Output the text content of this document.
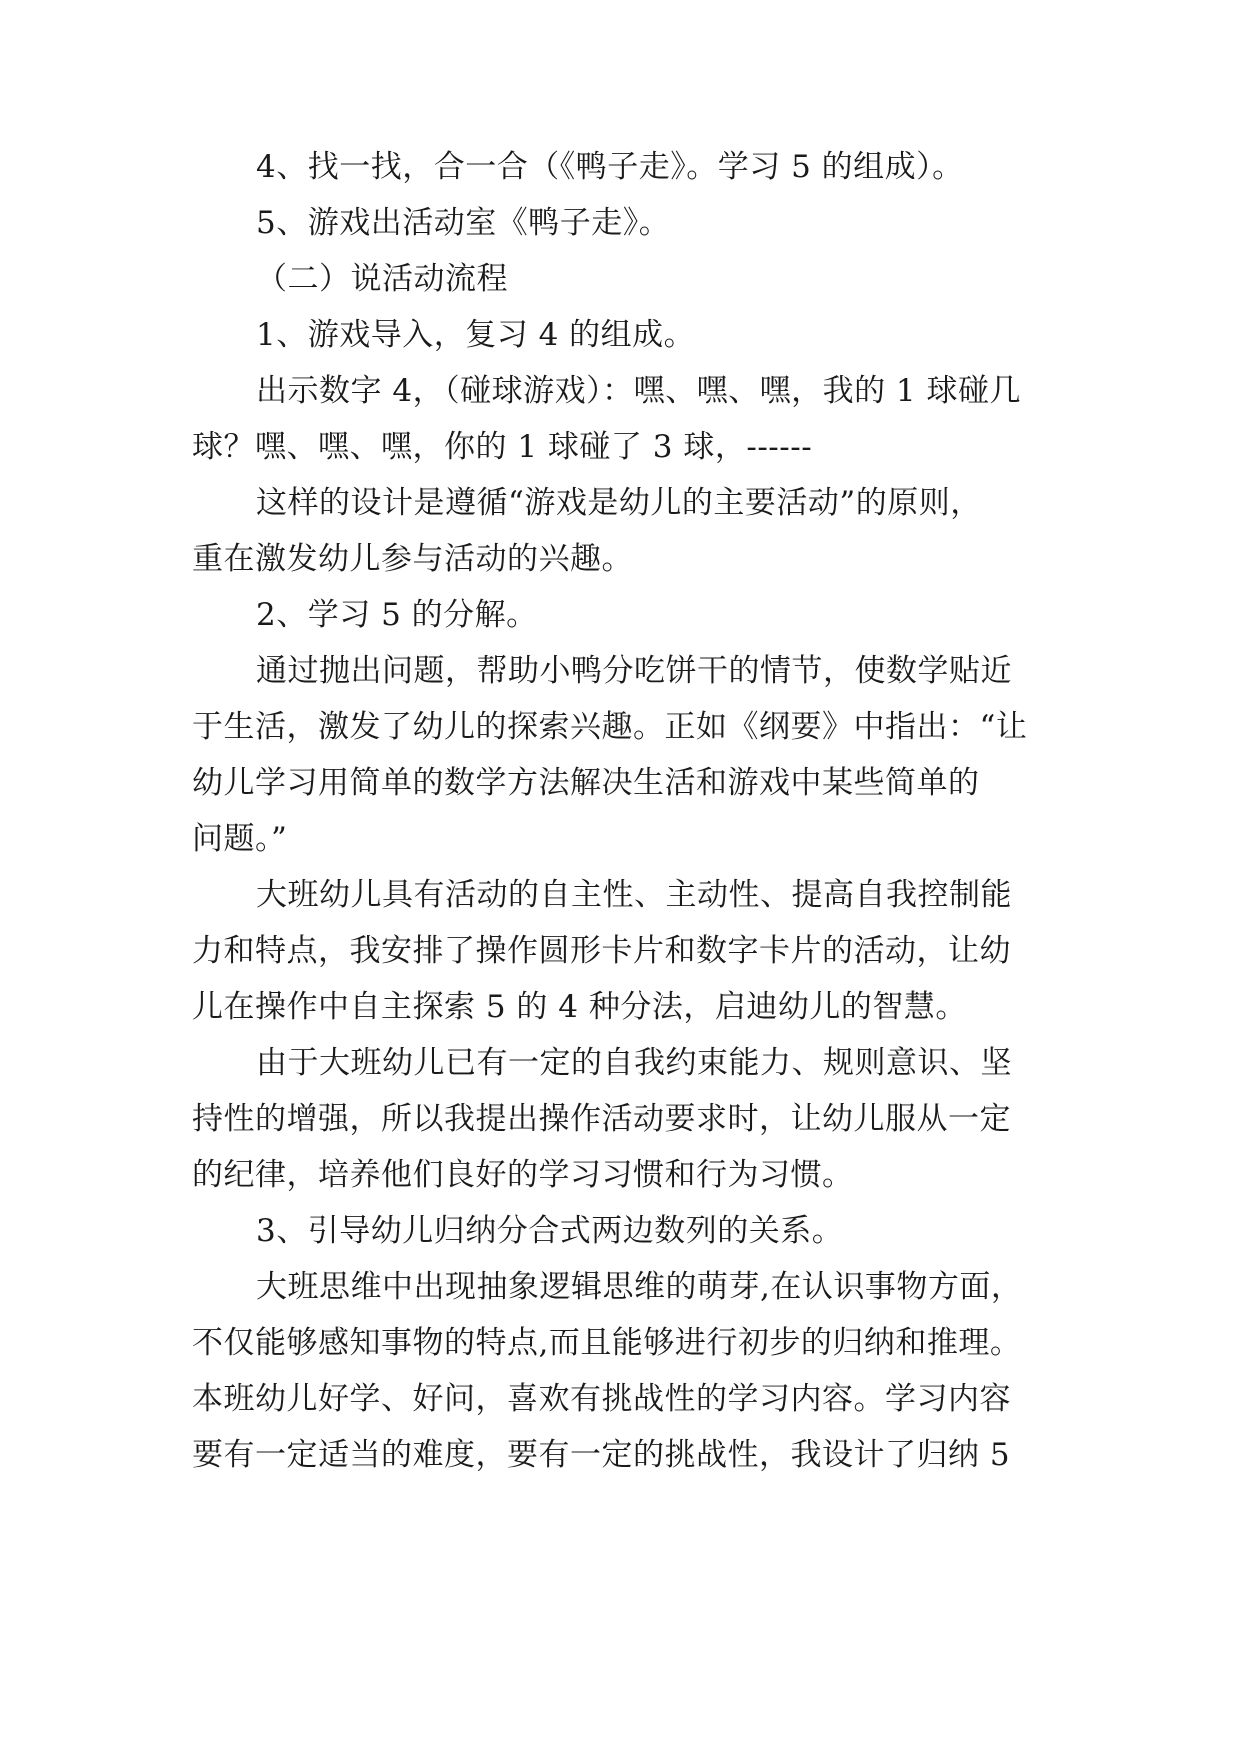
4、找一找，合一合（《鸭子走》。学习 5 的组成）。
5、游戏出活动室《鸭子走》。
（二）说活动流程
1、游戏导入，复习 4 的组成。
出示数字 4，（碰球游戏）：嘿、嘿、嘿，我的 1 球碰几
球？嘿、嘿、嘿，你的 1 球碰了 3 球，------
这样的设计是遵循“游戏是幼儿的主要活动”的原则，
重在激发幼儿参与活动的兴趣。
2、学习 5 的分解。
通过抛出问题，帮助小鸭分吃饼干的情节，使数学贴近
于生活，激发了幼儿的探索兴趣。正如《纲要》中指出：“让
幼儿学习用简单的数学方法解决生活和游戏中某些简单的
问题。”
大班幼儿具有活动的自主性、主动性、提高自我控制能
力和特点，我安排了操作圆形卡片和数字卡片的活动，让幼
儿在操作中自主探索 5 的 4 种分法，启迪幼儿的智慧。
由于大班幼儿已有一定的自我约束能力、规则意识、坚
持性的增强，所以我提出操作活动要求时，让幼儿服从一定
的纪律，培养他们良好的学习习惯和行为习惯。
3、引导幼儿归纳分合式两边数列的关系。
大班思维中出现抽象逻辑思维的萌芽,在认识事物方面，
不仅能够感知事物的特点,而且能够进行初步的归纳和推理。
本班幼儿好学、好问，喜欢有挑战性的学习内容。学习内容
要有一定适当的难度，要有一定的挑战性，我设计了归纳 5
